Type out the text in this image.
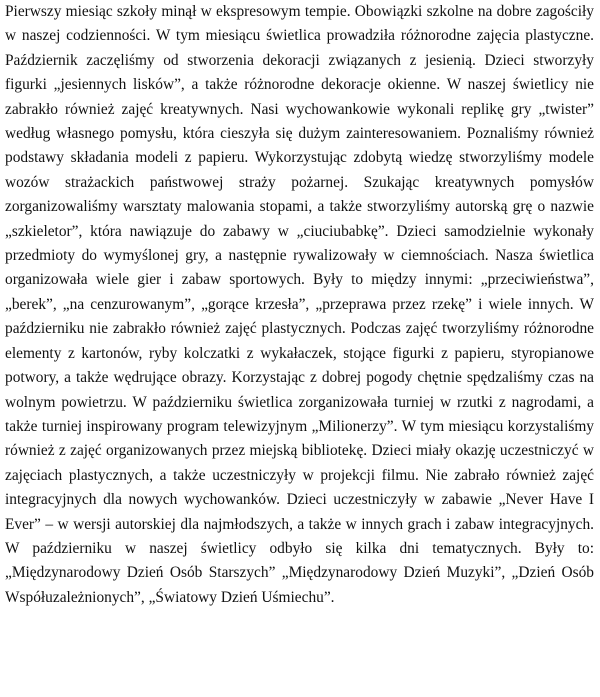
Pierwszy miesiąc szkoły minął w ekspresowym tempie. Obowiązki szkolne na dobre zagościły w naszej codzienności. W tym miesiącu świetlica prowadziła różnorodne zajęcia plastyczne. Październik zaczęliśmy od stworzenia dekoracji związanych z jesienią. Dzieci stworzyły figurki „jesiennych lisków”, a także różnorodne dekoracje okienne. W naszej świetlicy nie zabrakło również zajęć kreatywnych. Nasi wychowankowie wykonali replikę gry „twister” według własnego pomysłu, która cieszyła się dużym zainteresowaniem. Poznaliśmy również podstawy składania modeli z papieru. Wykorzystując zdobytą wiedzę stworzyliśmy modele wozów strażackich państwowej straży pożarnej. Szukając kreatywnych pomysłów zorganizowaliśmy warsztaty malowania stopami, a także stworzyliśmy autorską grę o nazwie „szkieletor”, która nawiązuje do zabawy w „ciuciubabkę”. Dzieci samodzielnie wykonały przedmioty do wymyślonej gry, a następnie rywalizowały w ciemnościach. Nasza świetlica organizowała wiele gier i zabaw sportowych. Były to między innymi: „przeciwieństwa”, „berek”, „na cenzurowanym”, „gorące krzesła”, „przeprawa przez rzekę” i wiele innych. W październiku nie zabrakło również zajęć plastycznych. Podczas zajęć tworzyliśmy różnorodne elementy z kartonów, ryby kolczatki z wykałaczek, stojące figurki z papieru, styropianowe potwory, a także wędrujące obrazy. Korzystając z dobrej pogody chętnie spędzaliśmy czas na wolnym powietrzu. W październiku świetlica zorganizowała turniej w rzutki z nagrodami, a także turniej inspirowany program telewizyjnym „Milionerzy”. W tym miesiącu korzystaliśmy również z zajęć organizowanych przez miejską bibliotekę. Dzieci miały okazję uczestniczyć w zajęciach plastycznych, a także uczestniczyły w projekcji filmu. Nie zabrało również zajęć integracyjnych dla nowych wychowanków. Dzieci uczestniczyły w zabawie „Never Have I Ever” – w wersji autorskiej dla najmłodszych, a także w innych grach i zabaw integracyjnych. W październiku w naszej świetlicy odbyło się kilka dni tematycznych. Były to: „Międzynarodowy Dzień Osób Starszych” „Międzynarodowy Dzień Muzyki”, „Dzień Osób Współuzależnionych”, „Światowy Dzień Uśmiechu”.
